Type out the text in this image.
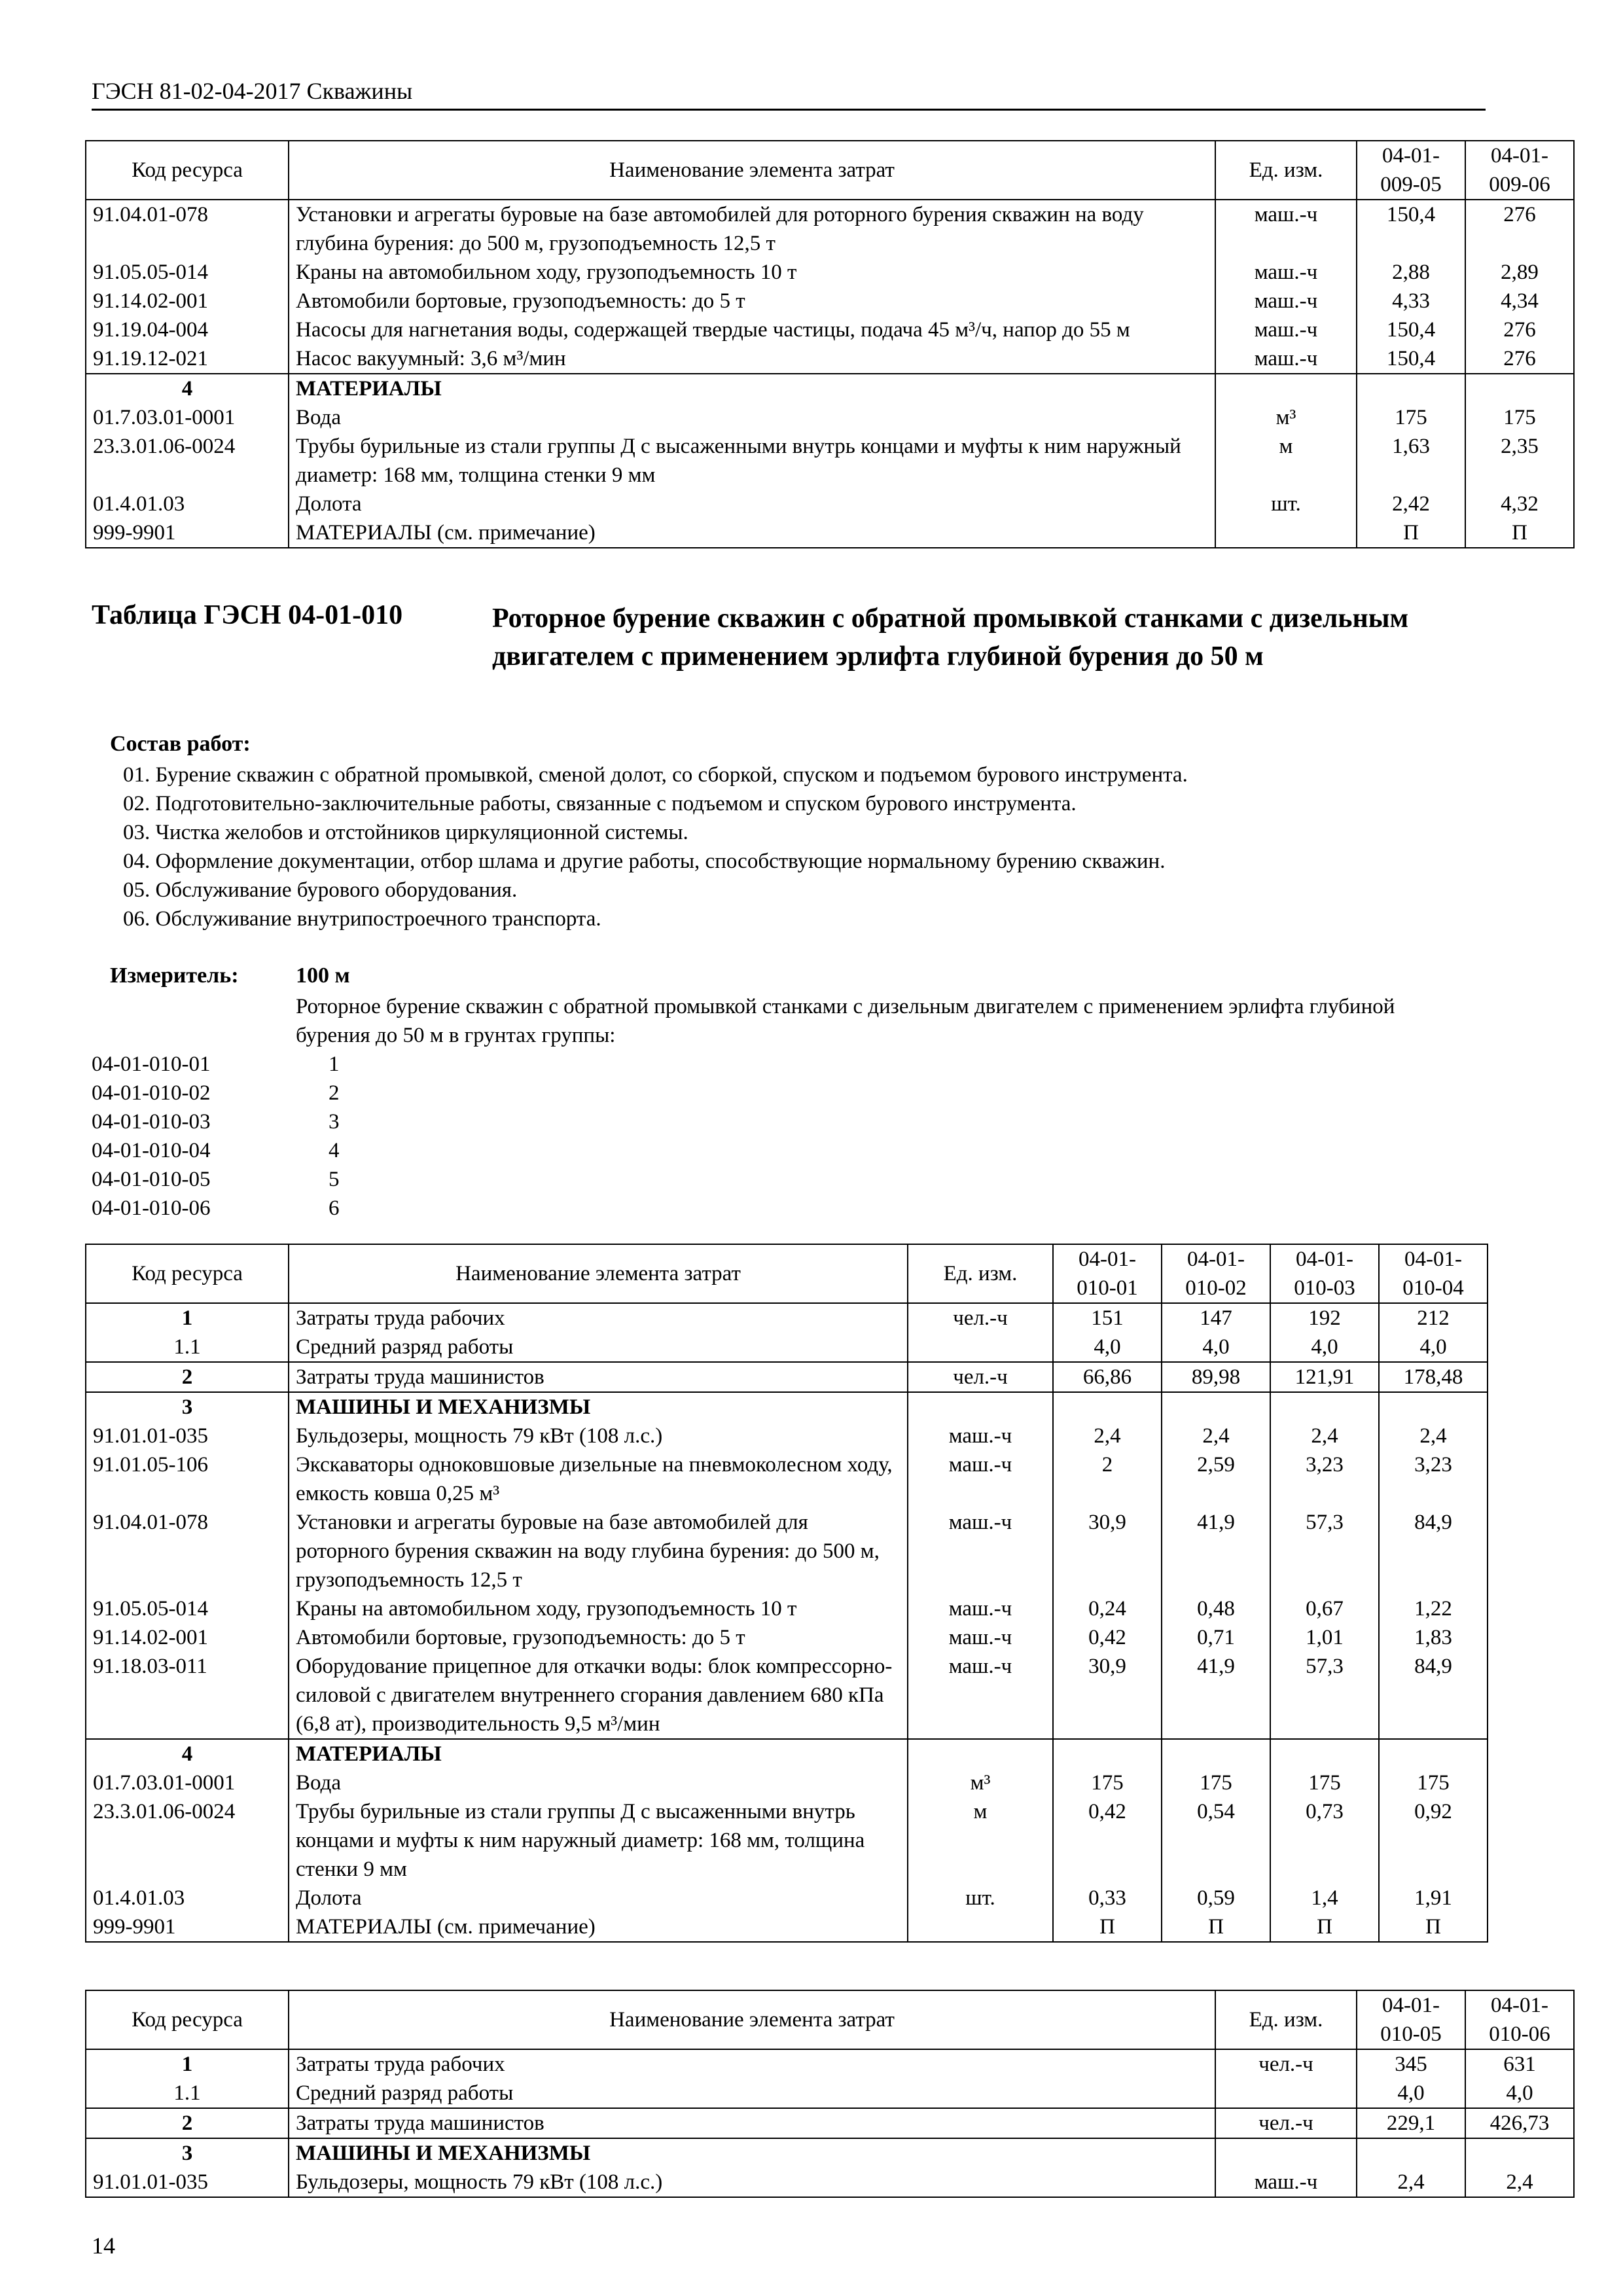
ГЭСН 81-02-04-2017 Скважины
Код ресурса	Наименование элемента затрат	Ед. изм.	04-01-009-05	04-01-009-06
91.04.01-078	Установки и агрегаты буровые на базе автомобилей для роторного бурения скважин на воду глубина бурения: до 500 м, грузоподъемность 12,5 т	маш.-ч	150,4	276
91.05.05-014	Краны на автомобильном ходу, грузоподъемность 10 т	маш.-ч	2,88	2,89
91.14.02-001	Автомобили бортовые, грузоподъемность: до 5 т	маш.-ч	4,33	4,34
91.19.04-004	Насосы для нагнетания воды, содержащей твердые частицы, подача 45 м³/ч, напор до 55 м	маш.-ч	150,4	276
91.19.12-021	Насос вакуумный: 3,6 м³/мин	маш.-ч	150,4	276
4	МАТЕРИАЛЫ			
01.7.03.01-0001	Вода	м³	175	175
23.3.01.06-0024	Трубы бурильные из стали группы Д с высаженными внутрь концами и муфты к ним наружный диаметр: 168 мм, толщина стенки 9 мм	м	1,63	2,35
01.4.01.03	Долота	шт.	2,42	4,32
999-9901	МАТЕРИАЛЫ (см. примечание)		П	П
Таблица ГЭСН 04-01-010	Роторное бурение скважин с обратной промывкой станками с дизельным двигателем с применением эрлифта глубиной бурения до 50 м
Состав работ:
01. Бурение скважин с обратной промывкой, сменой долот, со сборкой, спуском и подъемом бурового инструмента.
02. Подготовительно-заключительные работы, связанные с подъемом и спуском бурового инструмента.
03. Чистка желобов и отстойников циркуляционной системы.
04. Оформление документации, отбор шлама и другие работы, способствующие нормальному бурению скважин.
05. Обслуживание бурового оборудования.
06. Обслуживание внутрипостроечного транспорта.
Измеритель:	100 м
Роторное бурение скважин с обратной промывкой станками с дизельным двигателем с применением эрлифта глубиной бурения до 50 м в грунтах группы:
04-01-010-01	1
04-01-010-02	2
04-01-010-03	3
04-01-010-04	4
04-01-010-05	5
04-01-010-06	6
Код ресурса	Наименование элемента затрат	Ед. изм.	04-01-010-01	04-01-010-02	04-01-010-03	04-01-010-04
1	Затраты труда рабочих	чел.-ч	151	147	192	212
1.1	Средний разряд работы		4,0	4,0	4,0	4,0
2	Затраты труда машинистов	чел.-ч	66,86	89,98	121,91	178,48
3	МАШИНЫ И МЕХАНИЗМЫ					
91.01.01-035	Бульдозеры, мощность 79 кВт (108 л.с.)	маш.-ч	2,4	2,4	2,4	2,4
91.01.05-106	Экскаваторы одноковшовые дизельные на пневмоколесном ходу, емкость ковша 0,25 м³	маш.-ч	2	2,59	3,23	3,23
91.04.01-078	Установки и агрегаты буровые на базе автомобилей для роторного бурения скважин на воду глубина бурения: до 500 м, грузоподъемность 12,5 т	маш.-ч	30,9	41,9	57,3	84,9
91.05.05-014	Краны на автомобильном ходу, грузоподъемность 10 т	маш.-ч	0,24	0,48	0,67	1,22
91.14.02-001	Автомобили бортовые, грузоподъемность: до 5 т	маш.-ч	0,42	0,71	1,01	1,83
91.18.03-011	Оборудование прицепное для откачки воды: блок компрессорно-силовой с двигателем внутреннего сгорания давлением 680 кПа (6,8 ат), производительность 9,5 м³/мин	маш.-ч	30,9	41,9	57,3	84,9
4	МАТЕРИАЛЫ					
01.7.03.01-0001	Вода	м³	175	175	175	175
23.3.01.06-0024	Трубы бурильные из стали группы Д с высаженными внутрь концами и муфты к ним наружный диаметр: 168 мм, толщина стенки 9 мм	м	0,42	0,54	0,73	0,92
01.4.01.03	Долота	шт.	0,33	0,59	1,4	1,91
999-9901	МАТЕРИАЛЫ (см. примечание)		П	П	П	П
Код ресурса	Наименование элемента затрат	Ед. изм.	04-01-010-05	04-01-010-06
1	Затраты труда рабочих	чел.-ч	345	631
1.1	Средний разряд работы		4,0	4,0
2	Затраты труда машинистов	чел.-ч	229,1	426,73
3	МАШИНЫ И МЕХАНИЗМЫ			
91.01.01-035	Бульдозеры, мощность 79 кВт (108 л.с.)	маш.-ч	2,4	2,4
14
